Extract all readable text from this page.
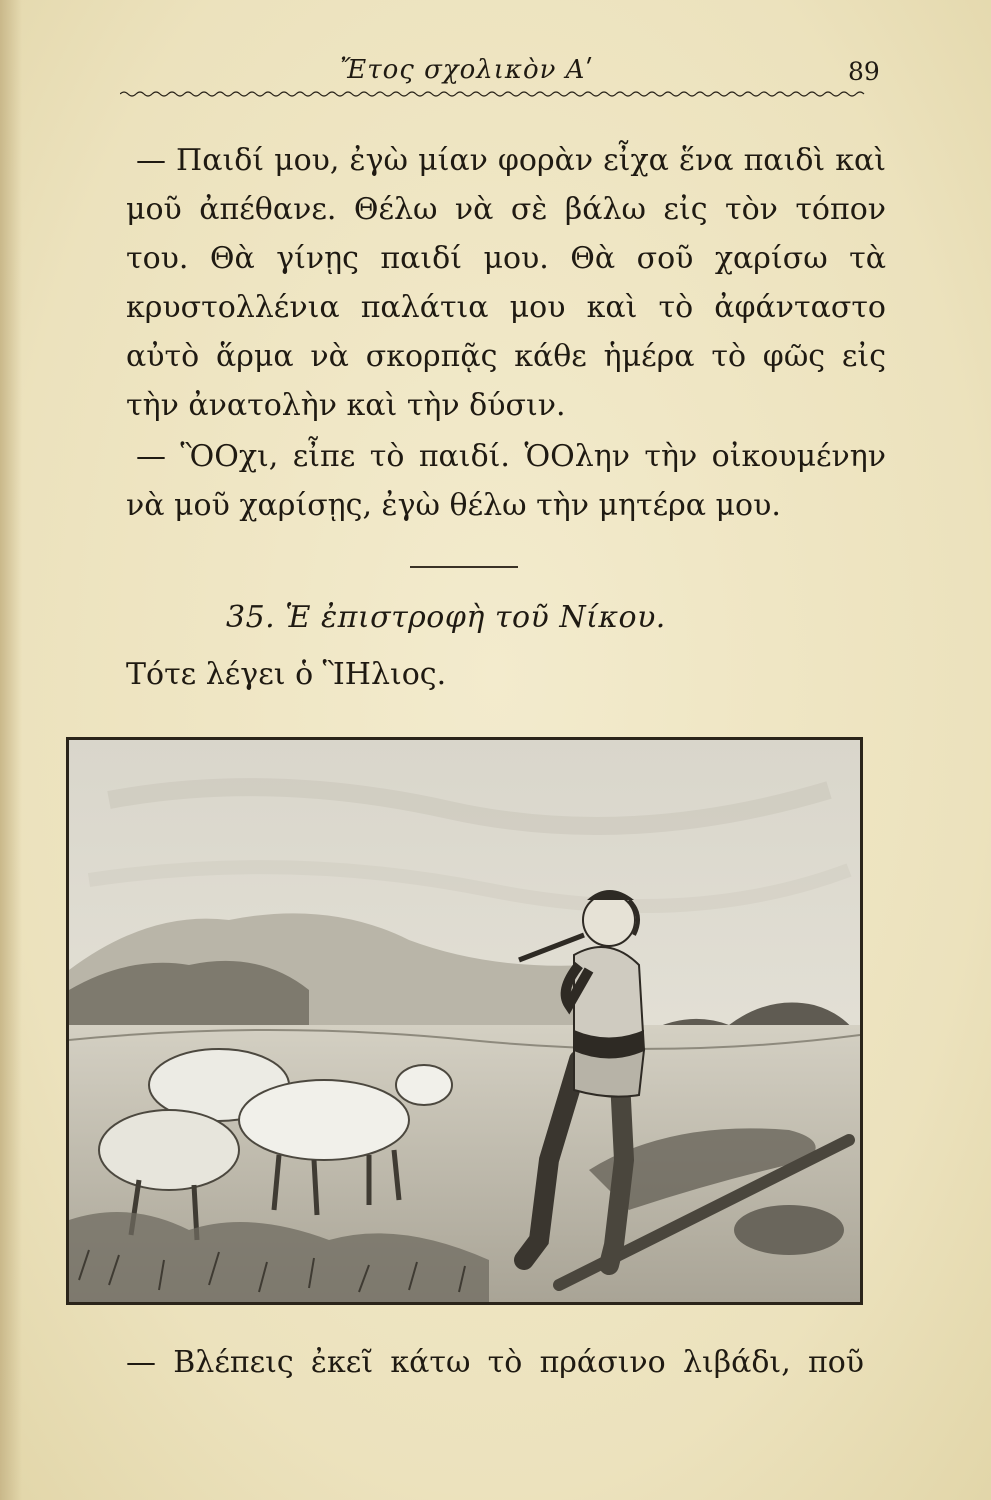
Ἔτος σχολικὸν Αʹ	89

— Παιδί μου, ἐγὼ μίαν φορὰν εἶχα ἕνα παιδὶ καὶ μοῦ ἀπέθανε. Θέλω νὰ σὲ βάλω εἰς τὸν τόπον του. Θὰ γίνῃς παιδί μου. Θὰ σοῦ χαρίσω τὰ κρυστολλένια παλάτια μου καὶ τὸ ἀφάνταστο αὐτὸ ἅρμα νὰ σκορπᾷς κάθε ἡμέρα τὸ φῶς εἰς τὴν ἀνατολὴν καὶ τὴν δύσιν.

— ὋΟχι, εἶπε τὸ παιδί. ὉΟλην τὴν οἰκουμένην νὰ μοῦ χαρίσῃς, ἐγὼ θέλω τὴν μητέρα μου.

35. Ἑ ἐπιστροφὴ τοῦ Νίκου.
Τότε λέγει ὁ ἻΗλιος.
— Βλέπεις ἐκεῖ κάτω τὸ πράσινο λιβάδι, ποῦ
